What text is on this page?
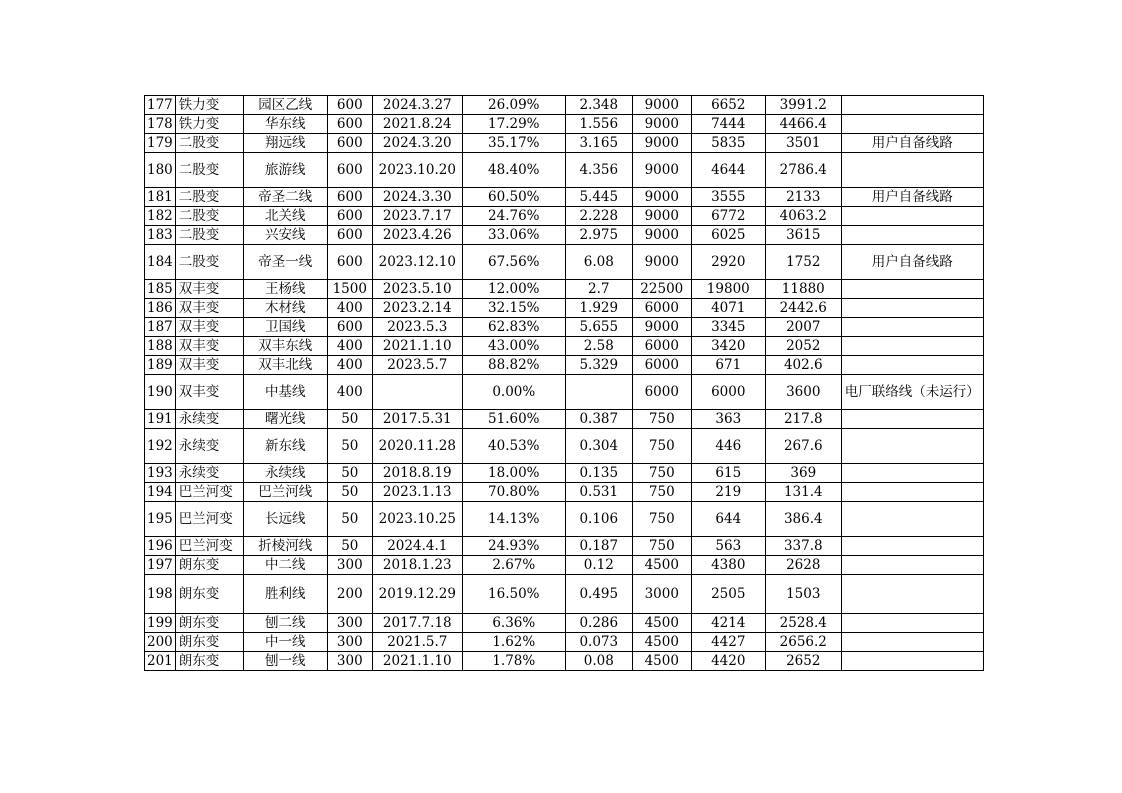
177	铁力变	园区乙线	600	2024.3.27	26.09%	2.348	9000	6652	3991.2	
178	铁力变	华东线	600	2021.8.24	17.29%	1.556	9000	7444	4466.4	
179	二股变	翔远线	600	2024.3.20	35.17%	3.165	9000	5835	3501	用户自备线路
180	二股变	旅游线	600	2023.10.20	48.40%	4.356	9000	4644	2786.4	
181	二股变	帝圣二线	600	2024.3.30	60.50%	5.445	9000	3555	2133	用户自备线路
182	二股变	北关线	600	2023.7.17	24.76%	2.228	9000	6772	4063.2	
183	二股变	兴安线	600	2023.4.26	33.06%	2.975	9000	6025	3615	
184	二股变	帝圣一线	600	2023.12.10	67.56%	6.08	9000	2920	1752	用户自备线路
185	双丰变	王杨线	1500	2023.5.10	12.00%	2.7	22500	19800	11880	
186	双丰变	木材线	400	2023.2.14	32.15%	1.929	6000	4071	2442.6	
187	双丰变	卫国线	600	2023.5.3	62.83%	5.655	9000	3345	2007	
188	双丰变	双丰东线	400	2021.1.10	43.00%	2.58	6000	3420	2052	
189	双丰变	双丰北线	400	2023.5.7	88.82%	5.329	6000	671	402.6	
190	双丰变	中基线	400		0.00%		6000	6000	3600	电厂联络线（未运行）
191	永续变	曙光线	50	2017.5.31	51.60%	0.387	750	363	217.8	
192	永续变	新东线	50	2020.11.28	40.53%	0.304	750	446	267.6	
193	永续变	永续线	50	2018.8.19	18.00%	0.135	750	615	369	
194	巴兰河变	巴兰河线	50	2023.1.13	70.80%	0.531	750	219	131.4	
195	巴兰河变	长远线	50	2023.10.25	14.13%	0.106	750	644	386.4	
196	巴兰河变	折棱河线	50	2024.4.1	24.93%	0.187	750	563	337.8	
197	朗东变	中二线	300	2018.1.23	2.67%	0.12	4500	4380	2628	
198	朗东变	胜利线	200	2019.12.29	16.50%	0.495	3000	2505	1503	
199	朗东变	刨二线	300	2017.7.18	6.36%	0.286	4500	4214	2528.4	
200	朗东变	中一线	300	2021.5.7	1.62%	0.073	4500	4427	2656.2	
201	朗东变	刨一线	300	2021.1.10	1.78%	0.08	4500	4420	2652	
